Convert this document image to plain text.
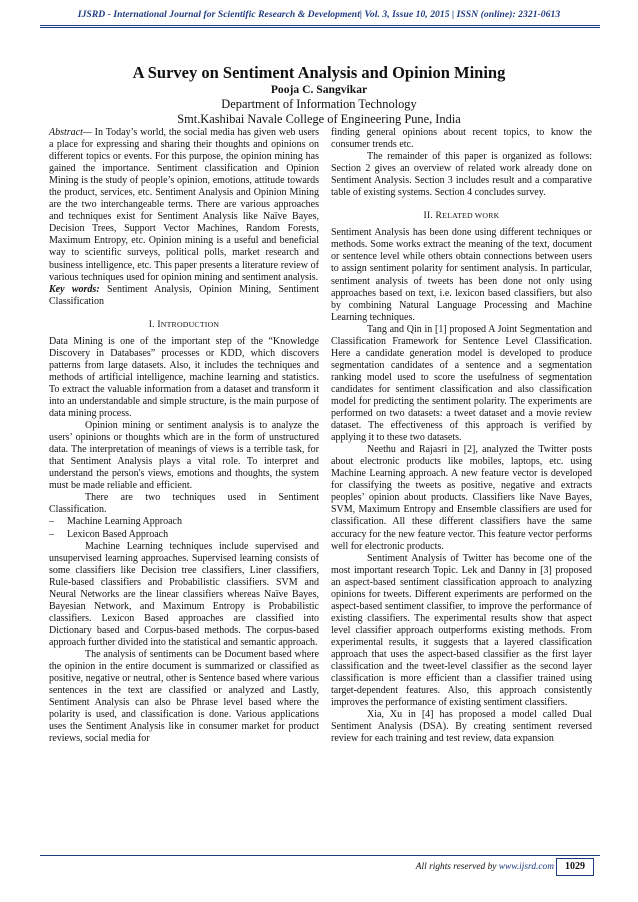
IJSRD - International Journal for Scientific Research & Development| Vol. 3, Issue 10, 2015 | ISSN (online): 2321-0613
A Survey on Sentiment Analysis and Opinion Mining
Pooja C. Sangvikar
Department of Information Technology
Smt.Kashibai Navale College of Engineering Pune, India

Abstract— In Today’s world, the social media has given web users a place for expressing and sharing their thoughts and opinions on different topics or events. For this purpose, the opinion mining has gained the importance. Sentiment classification and Opinion Mining is the study of people’s opinion, emotions, attitude towards the product, services, etc. Sentiment Analysis and Opinion Mining are the two interchangeable terms. There are various approaches and techniques exist for Sentiment Analysis like Naïve Bayes, Decision Trees, Support Vector Machines, Random Forests, Maximum Entropy, etc. Opinion mining is a useful and beneficial way to scientific surveys, political polls, market research and business intelligence, etc. This paper presents a literature review of various techniques used for opinion mining and sentiment analysis.

Key words: Sentiment Analysis, Opinion Mining, Sentiment Classification

I. INTRODUCTION

Data Mining is one of the important step of the “Knowledge Discovery in Databases” processes or KDD, which discovers patterns from large datasets. Also, it includes the techniques and methods of artificial intelligence, machine learning and statistics. To extract the valuable information from a dataset and transform it into an understandable and simple structure, is the main purpose of data mining process.

Opinion mining or sentiment analysis is to analyze the users’ opinions or thoughts which are in the form of unstructured data. The interpretation of meanings of views is a terrible task, for that Sentiment Analysis plays a vital role. To interpret and understand the person's views, emotions and thoughts, the system must be made reliable and efficient.

There are two techniques used in Sentiment Classification.

– Machine Learning Approach

– Lexicon Based Approach

Machine Learning techniques include supervised and unsupervised learning approaches. Supervised learning consists of some classifiers like Decision tree classifiers, Liner classifiers, Rule-based classifiers and Probabilistic classifiers. SVM and Neural Networks are the linear classifiers whereas Naïve Bayes, Bayesian Network, and Maximum Entropy is Probabilistic classifiers. Lexicon Based approaches are classified into Dictionary based and Corpus-based methods. The corpus-based approach further divided into the statistical and semantic approach.

The analysis of sentiments can be Document based where the opinion in the entire document is summarized or classified as positive, negative or neutral, other is Sentence based where various sentences in the text are classified or analyzed and Lastly, Sentiment Analysis can also be Phrase level based where the polarity is used, and classification is done. Various applications uses the Sentiment Analysis like in consumer market for product reviews, social media for

finding general opinions about recent topics, to know the consumer trends etc.

The remainder of this paper is organized as follows: Section 2 gives an overview of related work already done on Sentiment Analysis. Section 3 includes result and a comparative table of existing systems. Section 4 concludes survey.

II. RELATED WORK

Sentiment Analysis has been done using different techniques or methods. Some works extract the meaning of the text, document or sentence level while others obtain connections between users to assign sentiment polarity for sentiment analysis. In particular, sentiment analysis of tweets has been done not only using approaches based on text, i.e. lexicon based classifiers, but also by combining Natural Language Processing and Machine Learning techniques.

Tang and Qin in [1] proposed A Joint Segmentation and Classification Framework for Sentence Level Classification. Here a candidate generation model is developed to produce segmentation candidates of a sentence and a segmentation ranking model used to score the usefulness of segmentation candidates for sentiment classification and also classification model for predicting the sentiment polarity. The experiments are performed on two datasets: a tweet dataset and a movie review dataset. The effectiveness of this approach is verified by applying it to these two datasets.

Neethu and Rajasri in [2], analyzed the Twitter posts about electronic products like mobiles, laptops, etc. using Machine Learning approach. A new feature vector is developed for classifying the tweets as positive, negative and extracts peoples’ opinion about products. Classifiers like Nave Bayes, SVM, Maximum Entropy and Ensemble classifiers are used for classification. All these different classifiers have the same accuracy for the new feature vector. This feature vector performs well for electronic products.

Sentiment Analysis of Twitter has become one of the most important research Topic. Lek and Danny in [3] proposed an aspect-based sentiment classification approach to analyzing opinions for tweets. Different experiments are performed on the aspect-based sentiment classifier, to improve the performance of existing classifiers. The experimental results show that aspect level classifier approach outperforms existing methods. From experimental results, it suggests that a layered classification approach that uses the aspect-based classifier as the first layer classification and the tweet-level classifier as the second layer classification is more efficient than a classifier trained using target-dependent features. Also, this approach consistently improves the performance of existing sentiment classifiers.

Xia, Xu in [4] has proposed a model called Dual Sentiment Analysis (DSA). By creating sentiment reversed review for each training and test review, data expansion

All rights reserved by www.ijsrd.com	1029
